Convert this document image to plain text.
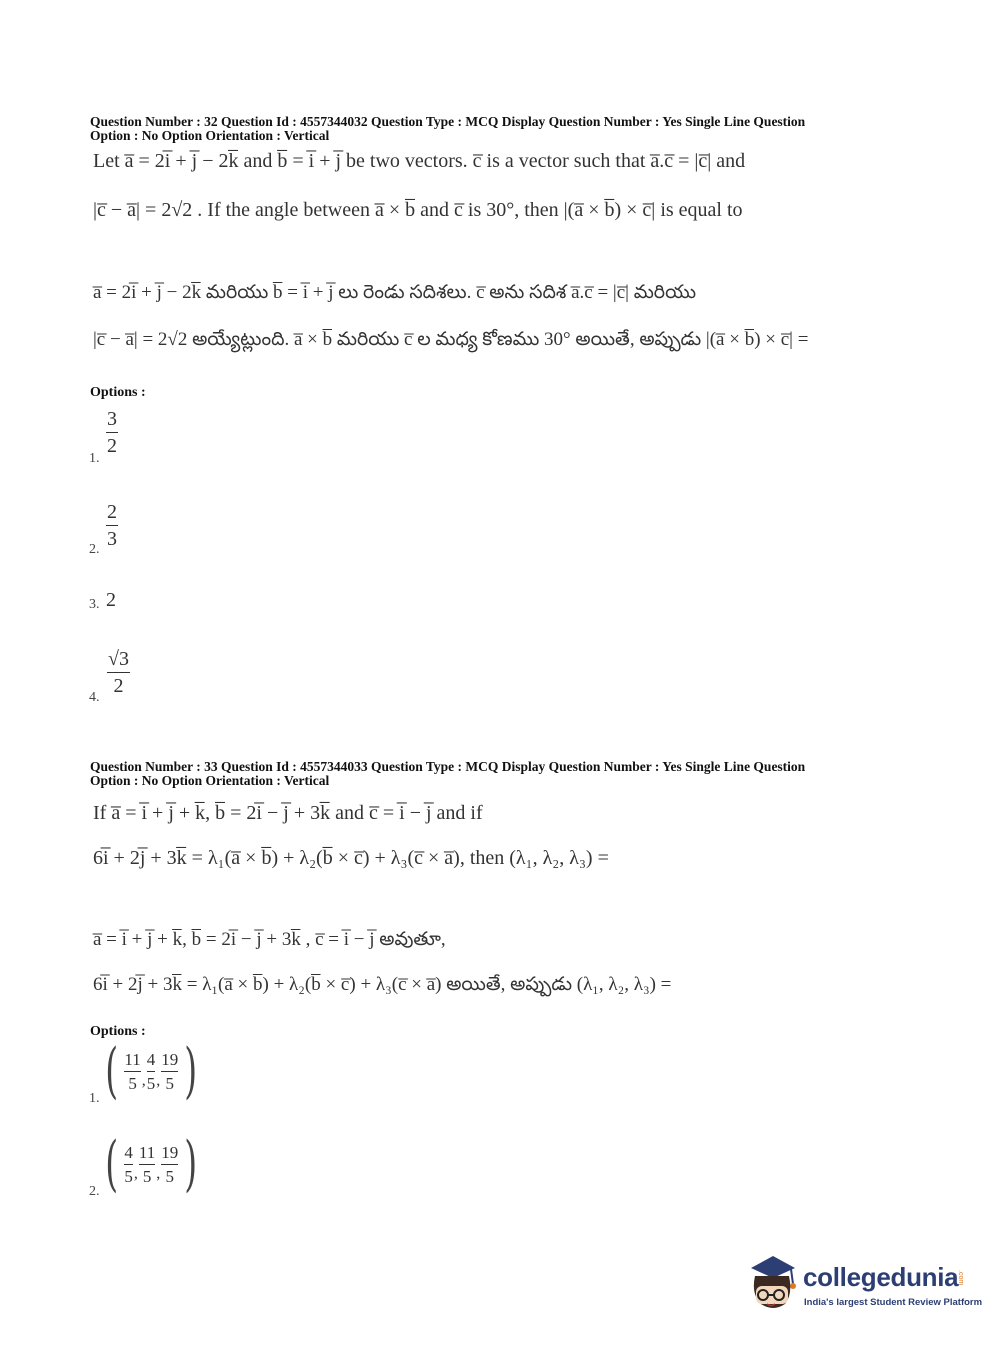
Question Number : 32 Question Id : 4557344032 Question Type : MCQ Display Question Number : Yes Single Line Question
Option : No Option Orientation : Vertical
Let a̅ = 2i̅ + j̅ − 2k̅ and b̅ = i̅ + j̅ be two vectors. c̅ is a vector such that a̅.c̅ = |c̅| and
|c̅ − a̅| = 2√2 . If the angle between a̅ × b̅ and c̅ is 30°, then |(a̅ × b̅) × c̅| is equal to
a̅ = 2i̅ + j̅ − 2k̅ మరియు b̅ = i̅ + j̅ లు రెండు సదిశలు. c̅ అను సదిశ a̅.c̅ = |c̅| మరియు
|c̅ − a̅| = 2√2 అయ్యేట్లుంది. a̅ × b̅ మరియు c̅ ల మధ్య కోణము 30° అయితే, అప్పుడు |(a̅ × b̅) × c̅| =
Options :
1.
3
2
2.
2
3
3. 2
4.
√3
2
Question Number : 33 Question Id : 4557344033 Question Type : MCQ Display Question Number : Yes Single Line Question
Option : No Option Orientation : Vertical
If a̅ = i̅ + j̅ + k̅, b̅ = 2i̅ − j̅ + 3k̅ and c̅ = i̅ − j̅ and if
6i̅ + 2j̅ + 3k̅ = λ₁(a̅ × b̅) + λ₂(b̅ × c̅) + λ₃(c̅ × a̅), then (λ₁, λ₂, λ₃) =
a̅ = i̅ + j̅ + k̅, b̅ = 2i̅ − j̅ + 3k̅ , c̅ = i̅ − j̅ అవుతూ,
6i̅ + 2j̅ + 3k̅ = λ₁(a̅ × b̅) + λ₂(b̅ × c̅) + λ₃(c̅ × a̅) అయితే, అప్పుడు (λ₁, λ₂, λ₃) =
Options :
1. ( $\frac{11}{5}$ , $\frac{4}{5}$ , $\frac{19}{5}$ )
2. ( $\frac{4}{5}$ , $\frac{11}{5}$ , $\frac{19}{5}$ )
collegedunia
.com
India's largest Student Review Platform
